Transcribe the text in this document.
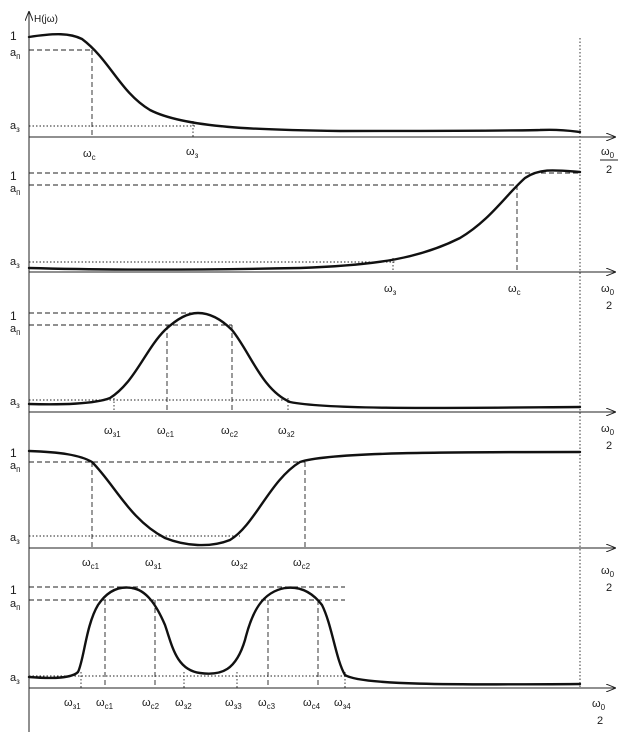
H(jω)
1
$a_п$
$a_з$
$\omega_с$	$\omega_з$	$\omega_0$
2
1
$a_п$
$a_з$
$\omega_з$	$\omega_с$	$\omega_0$
2
1
$a_п$
$a_з$
$\omega_{з1}$	$\omega_{с1}$	$\omega_{с2}$	$\omega_{з2}$	$\omega_0$
2
1
$a_п$
$a_з$
$\omega_{с1}$	$\omega_{з1}$	$\omega_{з2}$	$\omega_{с2}$	$\omega_0$
2
1
$a_п$
$a_з$
$\omega_{з1}$ $\omega_{с1}$	$\omega_{с2}$ $\omega_{з2}$	$\omega_{з3}$ $\omega_{с3}$	$\omega_{с4}$ $\omega_{з4}$	$\omega_0$
2
